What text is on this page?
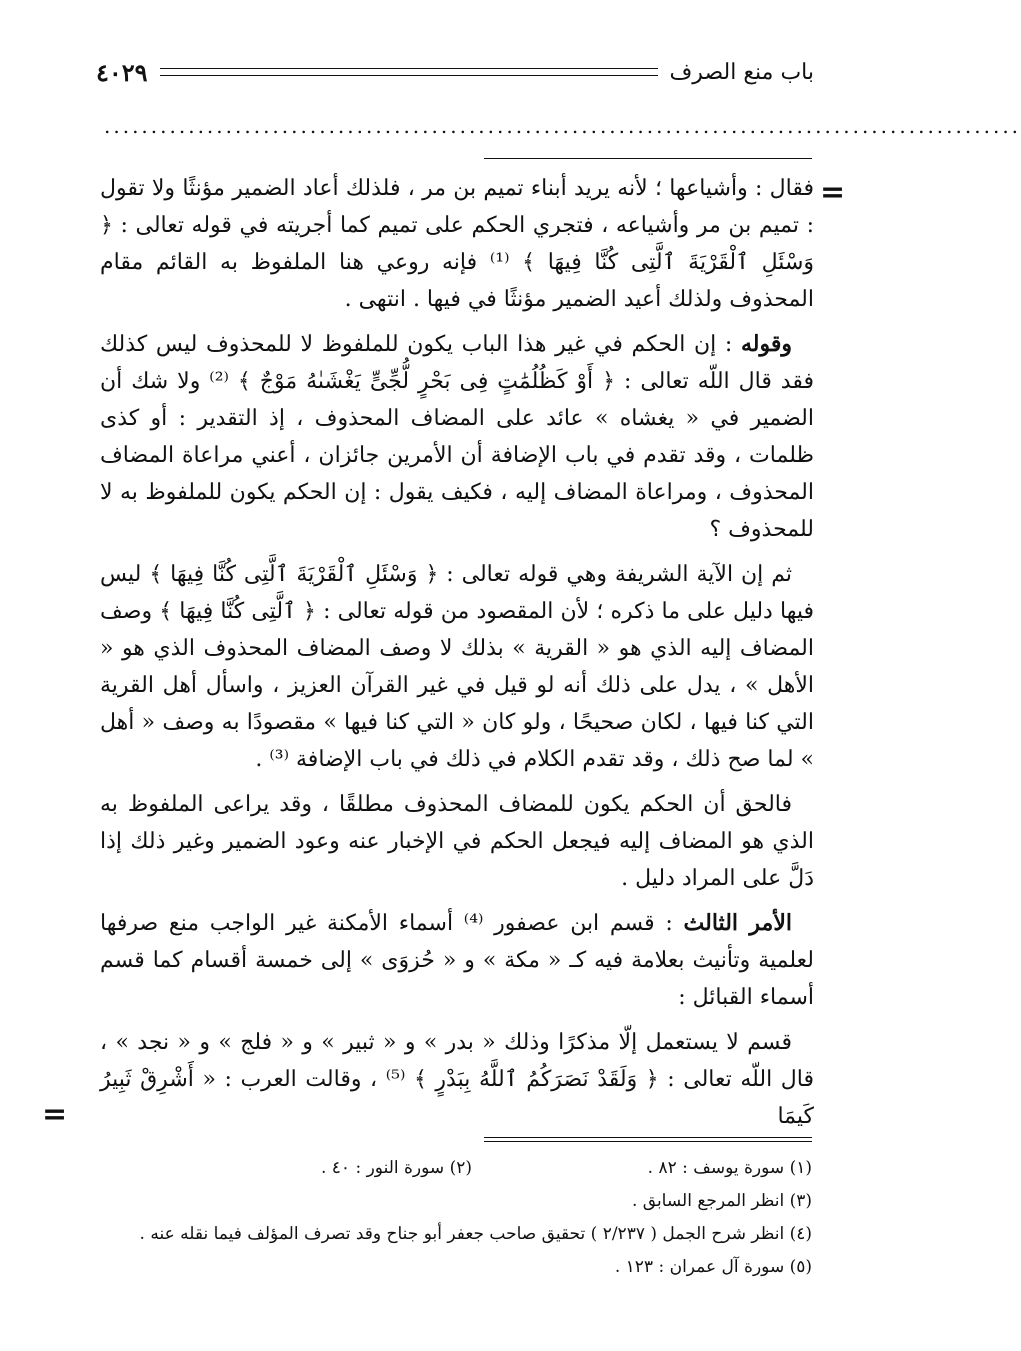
باب منع الصرف
٤٠٢٩
..................................................................................................
=

فقال : وأشياعها ؛ لأنه يريد أبناء تميم بن مر ، فلذلك أعاد الضمير مؤنثًا ولا تقول : تميم بن مر وأشياعه ، فتجري الحكم على تميم كما أجريته في قوله تعالى : ﴿ وَسْئَلِ ٱلْقَرْيَةَ ٱلَّتِى كُنَّا فِيهَا ﴾ ⁽¹⁾ فإنه روعي هنا الملفوظ به القائم مقام المحذوف ولذلك أعيد الضمير مؤنثًا في فيها . انتهى .

وقوله : إن الحكم في غير هذا الباب يكون للملفوظ لا للمحذوف ليس كذلك فقد قال اللّه تعالى : ﴿ أَوْ كَظُلُمَٰتٍ فِى بَحْرٍ لُّجِّىٍّ يَغْشَىٰهُ مَوْجٌ ﴾ ⁽²⁾ ولا شك أن الضمير في « يغشاه » عائد على المضاف المحذوف ، إذ التقدير : أو كذى ظلمات ، وقد تقدم في باب الإضافة أن الأمرين جائزان ، أعني مراعاة المضاف المحذوف ، ومراعاة المضاف إليه ، فكيف يقول : إن الحكم يكون للملفوظ به لا للمحذوف ؟

ثم إن الآية الشريفة وهي قوله تعالى : ﴿ وَسْئَلِ ٱلْقَرْيَةَ ٱلَّتِى كُنَّا فِيهَا ﴾ ليس فيها دليل على ما ذكره ؛ لأن المقصود من قوله تعالى : ﴿ ٱلَّتِى كُنَّا فِيهَا ﴾ وصف المضاف إليه الذي هو « القرية » بذلك لا وصف المضاف المحذوف الذي هو « الأهل » ، يدل على ذلك أنه لو قيل في غير القرآن العزيز ، واسأل أهل القرية التي كنا فيها ، لكان صحيحًا ، ولو كان « التي كنا فيها » مقصودًا به وصف « أهل » لما صح ذلك ، وقد تقدم الكلام في ذلك في باب الإضافة ⁽³⁾ .

فالحق أن الحكم يكون للمضاف المحذوف مطلقًا ، وقد يراعى الملفوظ به الذي هو المضاف إليه فيجعل الحكم في الإخبار عنه وعود الضمير وغير ذلك إذا دَلَّ على المراد دليل .

الأمر الثالث : قسم ابن عصفور ⁽⁴⁾ أسماء الأمكنة غير الواجب منع صرفها لعلمية وتأنيث بعلامة فيه كـ « مكة » و « حُزوَى » إلى خمسة أقسام كما قسم أسماء القبائل :

قسم لا يستعمل إلّا مذكرًا وذلك « بدر » و « ثبير » و « فلج » و « نجد » ، قال اللّه تعالى : ﴿ وَلَقَدْ نَصَرَكُمُ ٱللَّهُ بِبَدْرٍ ﴾ ⁽⁵⁾ ، وقالت العرب : « أَشْرِقْ ثَبِيرُ كَيمَا

=
(١) سورة يوسف : ٨٢ .
(٢) سورة النور : ٤٠ .
(٣) انظر المرجع السابق .
(٤) انظر شرح الجمل ( ٢/٢٣٧ ) تحقيق صاحب جعفر أبو جناح وقد تصرف المؤلف فيما نقله عنه .
(٥) سورة آل عمران : ١٢٣ .
